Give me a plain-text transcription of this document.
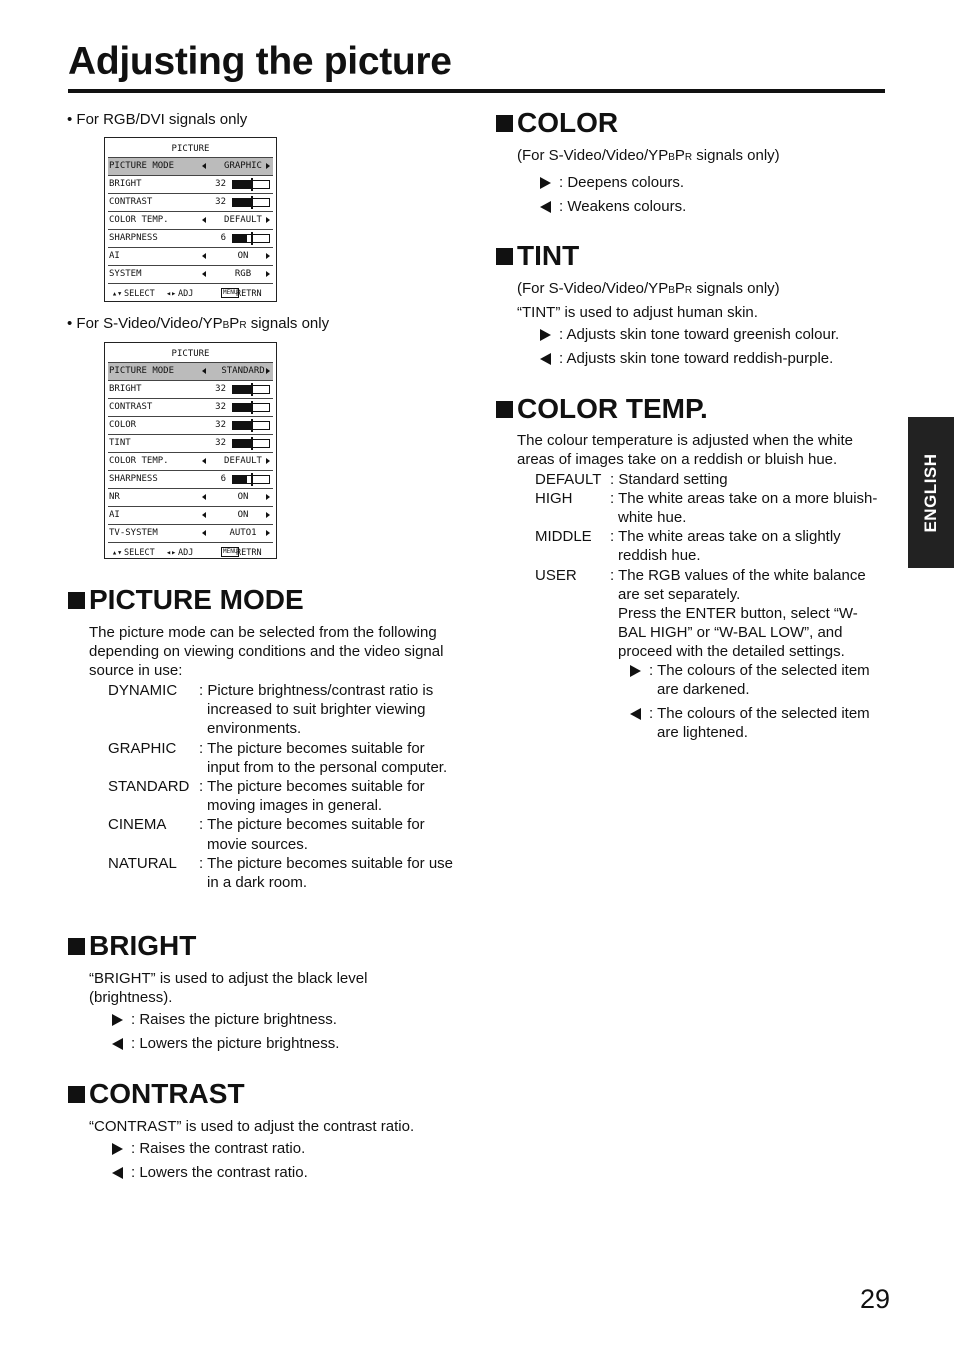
Adjusting the picture
• For RGB/DVI signals only
PICTURE
PICTURE MODE	GRAPHIC
BRIGHT	32
CONTRAST	32
COLOR TEMP.	DEFAULT
SHARPNESS	6
AI	ON
SYSTEM	RGB
▴▾ SELECT ◂▸ ADJ	MENU
RETRN
• For S-Video/Video/YPBPR signals only
PICTURE
PICTURE MODE	STANDARD
BRIGHT	32
CONTRAST	32
COLOR	32
TINT	32
COLOR TEMP.	DEFAULT
SHARPNESS	6
NR	ON
AI	ON
TV-SYSTEM	AUTO1
▴▾ SELECT ◂▸ ADJ	MENU
RETRN
PICTURE MODE
The picture mode can be selected from the following depending on viewing conditions and the video signal source in use:
DYNAMIC	: Picture brightness/contrast ratio is increased to suit brighter viewing environments.
GRAPHIC	: The picture becomes suitable for input from to the personal computer.
STANDARD : The picture becomes suitable for moving images in general.
CINEMA	: The picture becomes suitable for movie sources.
NATURAL	: The picture becomes suitable for use in a dark room.
BRIGHT
“BRIGHT” is used to adjust the black level (brightness).
: Raises the picture brightness.
: Lowers the picture brightness.
CONTRAST
“CONTRAST” is used to adjust the contrast ratio.
: Raises the contrast ratio.
: Lowers the contrast ratio.
COLOR
(For S-Video/Video/YPBPR signals only)
: Deepens colours.
: Weakens colours.
TINT
(For S-Video/Video/YPBPR signals only)
“TINT” is used to adjust human skin.
: Adjusts skin tone toward greenish colour.
: Adjusts skin tone toward reddish-purple.
COLOR TEMP.
The colour temperature is adjusted when the white areas of images take on a reddish or bluish hue.
DEFAULT : Standard setting
HIGH	: The white areas take on a more bluish-white hue.
MIDDLE	: The white areas take on a slightly reddish hue.
USER	: The RGB values of the white balance are set separately.
Press the ENTER button, select “W-BAL HIGH” or “W-BAL LOW”, and proceed with the detailed settings.
: The colours of the selected item are darkened.
: The colours of the selected item are lightened.
ENGLISH
29
